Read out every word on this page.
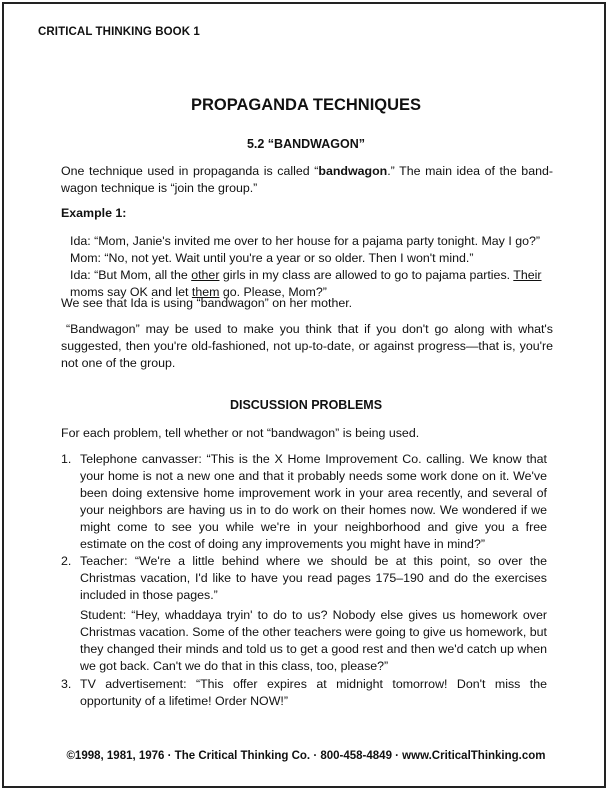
CRITICAL THINKING BOOK 1
PROPAGANDA TECHNIQUES
5.2 “BANDWAGON”
One technique used in propaganda is called “bandwagon.” The main idea of the band-wagon technique is “join the group.”
Example 1:
Ida: “Mom, Janie's invited me over to her house for a pajama party tonight. May I go?”
Mom: “No, not yet. Wait until you're a year or so older. Then I won't mind.”
Ida: “But Mom, all the other girls in my class are allowed to go to pajama parties. Their moms say OK and let them go. Please, Mom?”
We see that Ida is using “bandwagon” on her mother.
“Bandwagon” may be used to make you think that if you don't go along with what's suggested, then you're old-fashioned, not up-to-date, or against progress—that is, you're not one of the group.
DISCUSSION PROBLEMS
For each problem, tell whether or not “bandwagon” is being used.
1. Telephone canvasser: “This is the X Home Improvement Co. calling. We know that your home is not a new one and that it probably needs some work done on it. We've been doing extensive home improvement work in your area recently, and several of your neighbors are having us in to do work on their homes now. We wondered if we might come to see you while we're in your neighborhood and give you a free estimate on the cost of doing any improvements you might have in mind?”
2. Teacher: “We're a little behind where we should be at this point, so over the Christmas vacation, I'd like to have you read pages 175–190 and do the exercises included in those pages.”
Student: “Hey, whaddaya tryin' to do to us? Nobody else gives us homework over Christmas vacation. Some of the other teachers were going to give us homework, but they changed their minds and told us to get a good rest and then we'd catch up when we got back. Can't we do that in this class, too, please?”
3. TV advertisement: “This offer expires at midnight tomorrow! Don't miss the opportunity of a lifetime! Order NOW!”
©1998, 1981, 1976 · The Critical Thinking Co. · 800-458-4849 · www.CriticalThinking.com
